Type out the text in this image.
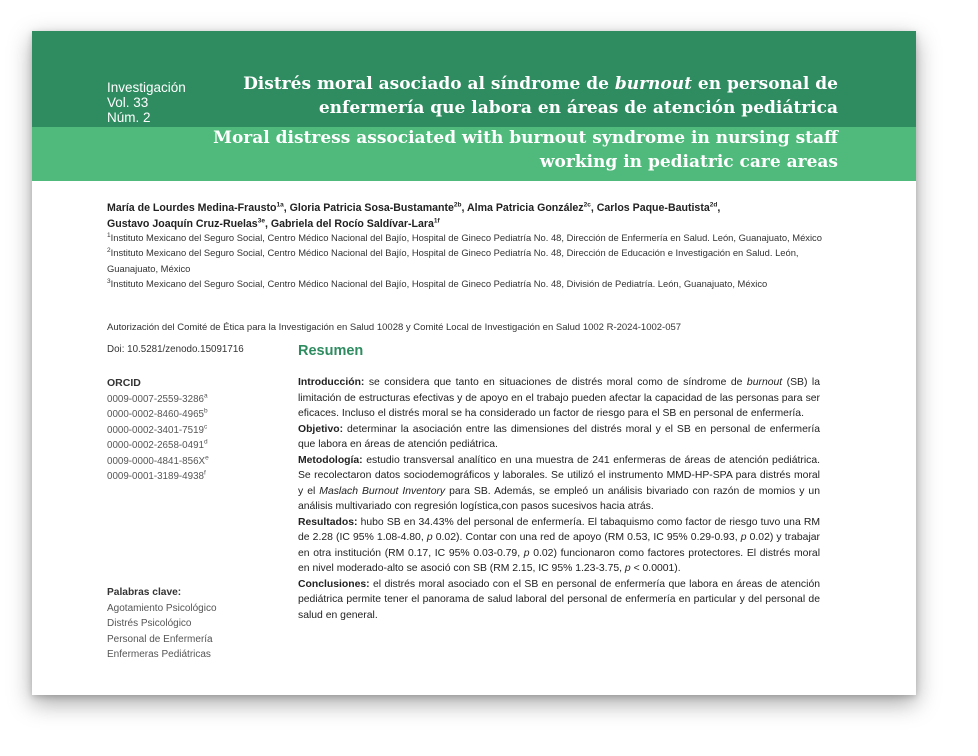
Investigación
Vol. 33
Núm. 2
Distrés moral asociado al síndrome de burnout en personal de enfermería que labora en áreas de atención pediátrica
Moral distress associated with burnout syndrome in nursing staff working in pediatric care areas
María de Lourdes Medina-Frausto$^{1a}$, Gloria Patricia Sosa-Bustamante$^{2b}$, Alma Patricia González$^{2c}$, Carlos Paque-Bautista$^{2d}$,
Gustavo Joaquín Cruz-Ruelas$^{3e}$, Gabriela del Rocío Saldívar-Lara$^{1f}$
$^1$Instituto Mexicano del Seguro Social, Centro Médico Nacional del Bajío, Hospital de Gineco Pediatría No. 48, Dirección de Enfermería en Salud. León, Guanajuato, México
$^2$Instituto Mexicano del Seguro Social, Centro Médico Nacional del Bajío, Hospital de Gineco Pediatría No. 48, Dirección de Educación e Investigación en Salud. León, Guanajuato, México
$^3$Instituto Mexicano del Seguro Social, Centro Médico Nacional del Bajío, Hospital de Gineco Pediatría No. 48, División de Pediatría. León, Guanajuato, México
Autorización del Comité de Ética para la Investigación en Salud 10028 y Comité Local de Investigación en Salud 1002 R-2024-1002-057
Doi: 10.5281/zenodo.15091716	Resumen
ORCID
0009-0007-2559-3286$^a$
0000-0002-8460-4965$^b$
0000-0002-3401-7519$^c$
0000-0002-2658-0491$^d$
0009-0000-4841-856Xe
0009-0001-3189-4938$^f$
Palabras clave:
Agotamiento Psicológico
Distrés Psicológico
Personal de Enfermería
Enfermeras Pediátricas

Introducción: se considera que tanto en situaciones de distrés moral como de síndrome de burnout (SB) la limitación de estructuras efectivas y de apoyo en el trabajo pueden afectar la capacidad de las personas para ser eficaces. Incluso el distrés moral se ha considerado un factor de riesgo para el SB en personal de enfermería.

Objetivo: determinar la asociación entre las dimensiones del distrés moral y el SB en personal de enfermería que labora en áreas de atención pediátrica.

Metodología: estudio transversal analítico en una muestra de 241 enfermeras de áreas de atención pediátrica. Se recolectaron datos sociodemográficos y laborales. Se utilizó el instrumento MMD-HP-SPA para distrés moral y el Maslach Burnout Inventory para SB. Además, se empleó un análisis bivariado con razón de momios y un análisis multivariado con regresión logística,con pasos sucesivos hacia atrás.

Resultados: hubo SB en 34.43% del personal de enfermería. El tabaquismo como factor de riesgo tuvo una RM de 2.28 (IC 95% 1.08-4.80, p 0.02). Contar con una red de apoyo (RM 0.53, IC 95% 0.29-0.93, p 0.02) y trabajar en otra institución (RM 0.17, IC 95% 0.03-0.79, p 0.02) funcionaron como factores protectores. El distrés moral en nivel moderado-alto se asoció con SB (RM 2.15, IC 95% 1.23-3.75, p < 0.0001).

Conclusiones: el distrés moral asociado con el SB en personal de enfermería que labora en áreas de atención pediátrica permite tener el panorama de salud laboral del personal de enfermería en particular y del personal de salud en general.
